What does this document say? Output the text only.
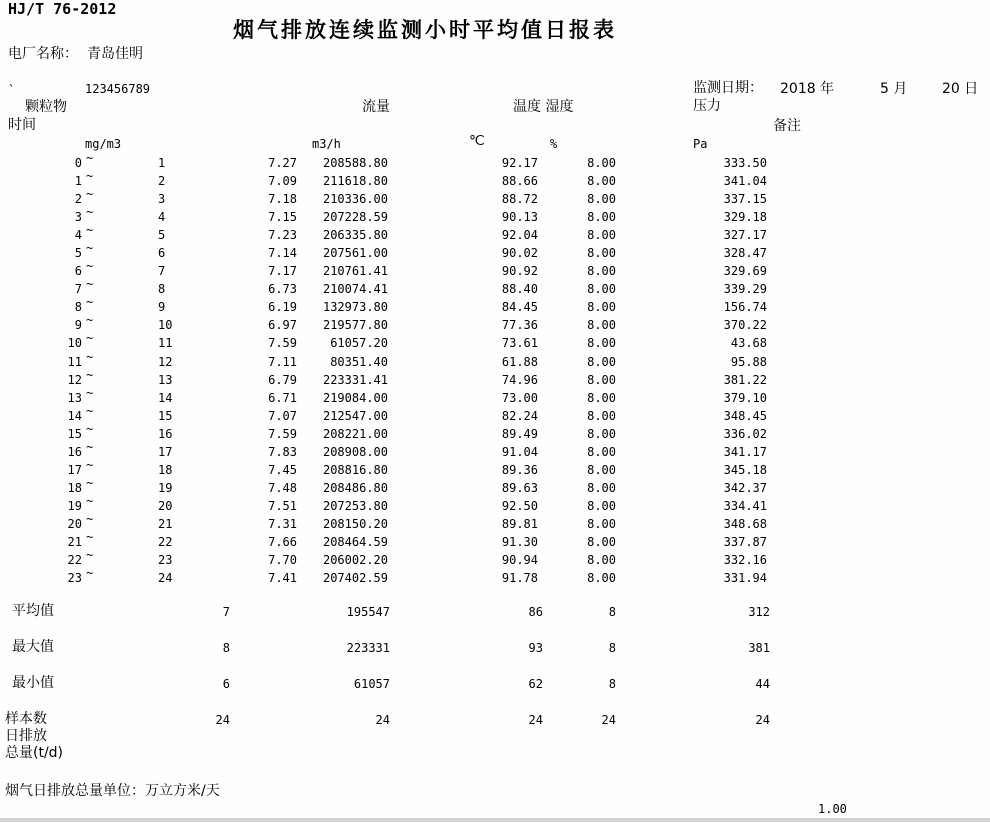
HJ/T 76-2012
烟气排放连续监测小时平均值日报表
电厂名称： 青岛佳明
`	123456789	监测日期： 2018 年	5 月 20 日
颗粒物	流量	温度 湿度	压力
时间	备注
mg/m3	m3/h	℃	%	Pa
0 ~	1	7.27 208588.80	92.17	8.00	333.50
1 ~	2	7.09 211618.80	88.66	8.00	341.04
2 ~	3	7.18 210336.00	88.72	8.00	337.15
3 ~	4	7.15 207228.59	90.13	8.00	329.18
4 ~	5	7.23 206335.80	92.04	8.00	327.17
5 ~	6	7.14 207561.00	90.02	8.00	328.47
6 ~	7	7.17 210761.41	90.92	8.00	329.69
7 ~	8	6.73 210074.41	88.40	8.00	339.29
8 ~	9	6.19 132973.80	84.45	8.00	156.74
9 ~	10	6.97 219577.80	77.36	8.00	370.22
10 ~	11	7.59	61057.20	73.61	8.00	43.68
11 ~	12	7.11	80351.40	61.88	8.00	95.88
12 ~	13	6.79 223331.41	74.96	8.00	381.22
13 ~	14	6.71 219084.00	73.00	8.00	379.10
14 ~	15	7.07 212547.00	82.24	8.00	348.45
15 ~	16	7.59 208221.00	89.49	8.00	336.02
16 ~	17	7.83 208908.00	91.04	8.00	341.17
17 ~	18	7.45 208816.80	89.36	8.00	345.18
18 ~	19	7.48 208486.80	89.63	8.00	342.37
19 ~	20	7.51 207253.80	92.50	8.00	334.41
20 ~	21	7.31 208150.20	89.81	8.00	348.68
21 ~	22	7.66 208464.59	91.30	8.00	337.87
22 ~	23	7.70 206002.20	90.94	8.00	332.16
23 ~	24	7.41 207402.59	91.78	8.00	331.94
平均值	7	195547	86	8	312
最大值	8	223331	93	8	381
最小值	6	61057	62	8	44
样本数	24	24	24	24	24
日排放
总量(t/d)
烟气日排放总量单位：万立方米/天
1.00
